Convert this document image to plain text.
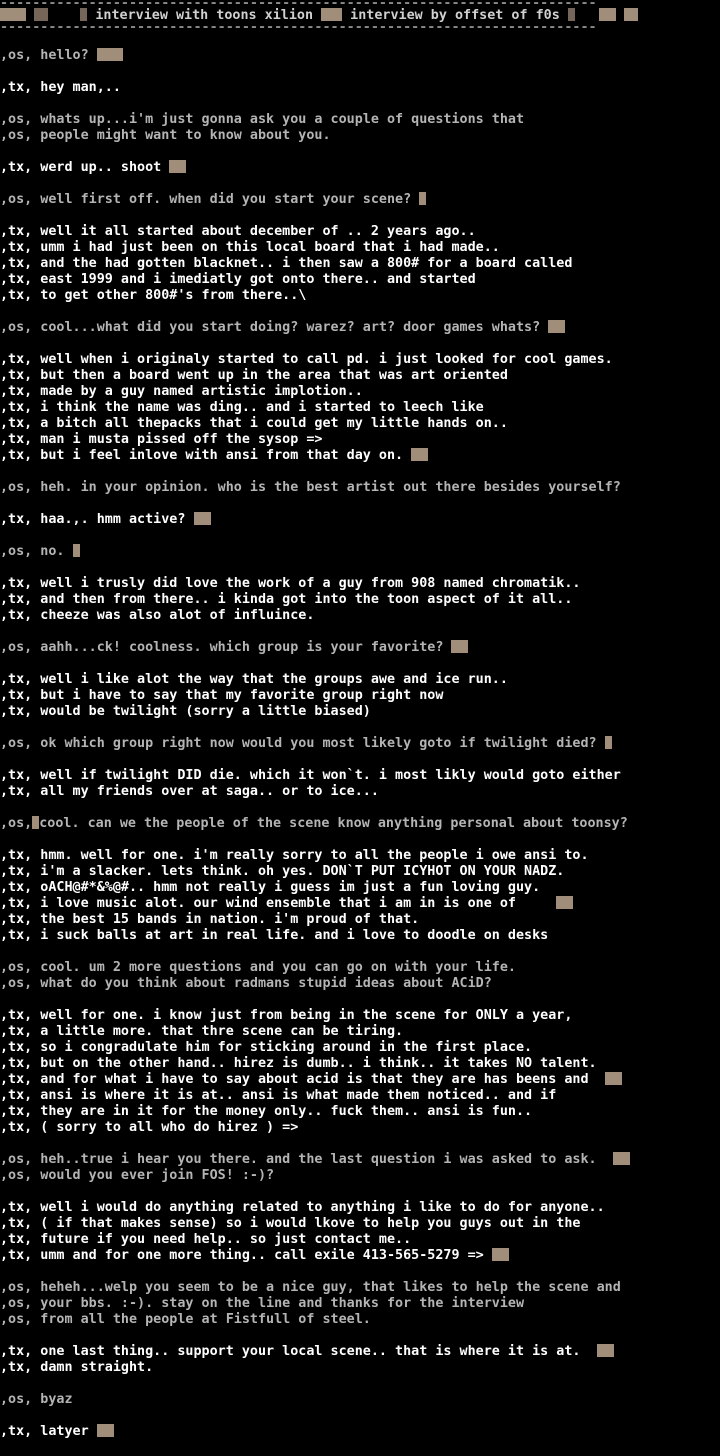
--------------------------------------------------------------------------
interview with toons xilion	interview by offset of f0s
--------------------------------------------------------------------------
,os, hello?
,tx, hey man,..
,os, whats up...i'm just gonna ask you a couple of questions that
,os, people might want to know about you.
,tx, werd up.. shoot
,os, well first off. when did you start your scene?
,tx, well it all started about december of .. 2 years ago..
,tx, umm i had just been on this local board that i had made..
,tx, and the had gotten blacknet.. i then saw a 800# for a board called
,tx, east 1999 and i imediatly got onto there.. and started
,tx, to get other 800#'s from there..\
,os, cool...what did you start doing? warez? art? door games whats?
,tx, well when i originaly started to call pd. i just looked for cool games.
,tx, but then a board went up in the area that was art oriented
,tx, made by a guy named artistic implotion..
,tx, i think the name was ding.. and i started to leech like
,tx, a bitch all thepacks that i could get my little hands on..
,tx, man i musta pissed off the sysop =>
,tx, but i feel inlove with ansi from that day on.
,os, heh. in your opinion. who is the best artist out there besides yourself?
,tx, haa.,. hmm active?
,os, no.
,tx, well i trusly did love the work of a guy from 908 named chromatik..
,tx, and then from there.. i kinda got into the toon aspect of it all..
,tx, cheeze was also alot of influince.
,os, aahh...ck! coolness. which group is your favorite?
,tx, well i like alot the way that the groups awe and ice run..
,tx, but i have to say that my favorite group right now
,tx, would be twilight (sorry a little biased)
,os, ok which group right now would you most likely goto if twilight died?
,tx, well if twilight DID die. which it won`t. i most likly would goto either
,tx, all my friends over at saga.. or to ice...
,os, cool. can we the people of the scene know anything personal about toonsy?
,tx, hmm. well for one. i'm really sorry to all the people i owe ansi to.
,tx, i'm a slacker. lets think. oh yes. DON`T PUT ICYHOT ON YOUR NADZ.
,tx, oACH@#*&%@#.. hmm not really i guess im just a fun loving guy.
,tx, i love music alot. our wind ensemble that i am in is one of
,tx, the best 15 bands in nation. i'm proud of that.
,tx, i suck balls at art in real life. and i love to doodle on desks
,os, cool. um 2 more questions and you can go on with your life.
,os, what do you think about radmans stupid ideas about ACiD?
,tx, well for one. i know just from being in the scene for ONLY a year,
,tx, a little more. that thre scene can be tiring.
,tx, so i congradulate him for sticking around in the first place.
,tx, but on the other hand.. hirez is dumb.. i think.. it takes NO talent.
,tx, and for what i have to say about acid is that they are has beens and
,tx, ansi is where it is at.. ansi is what made them noticed.. and if
,tx, they are in it for the money only.. fuck them.. ansi is fun..
,tx, ( sorry to all who do hirez ) =>
,os, heh..true i hear you there. and the last question i was asked to ask.
,os, would you ever join FOS! :-)?
,tx, well i would do anything related to anything i like to do for anyone..
,tx, ( if that makes sense) so i would lkove to help you guys out in the
,tx, future if you need help.. so just contact me..
,tx, umm and for one more thing.. call exile 413-565-5279 =>
,os, heheh...welp you seem to be a nice guy, that likes to help the scene and
,os, your bbs. :-). stay on the line and thanks for the interview
,os, from all the people at Fistfull of steel.
,tx, one last thing.. support your local scene.. that is where it is at.
,tx, damn straight.
,os, byaz
,tx, latyer
